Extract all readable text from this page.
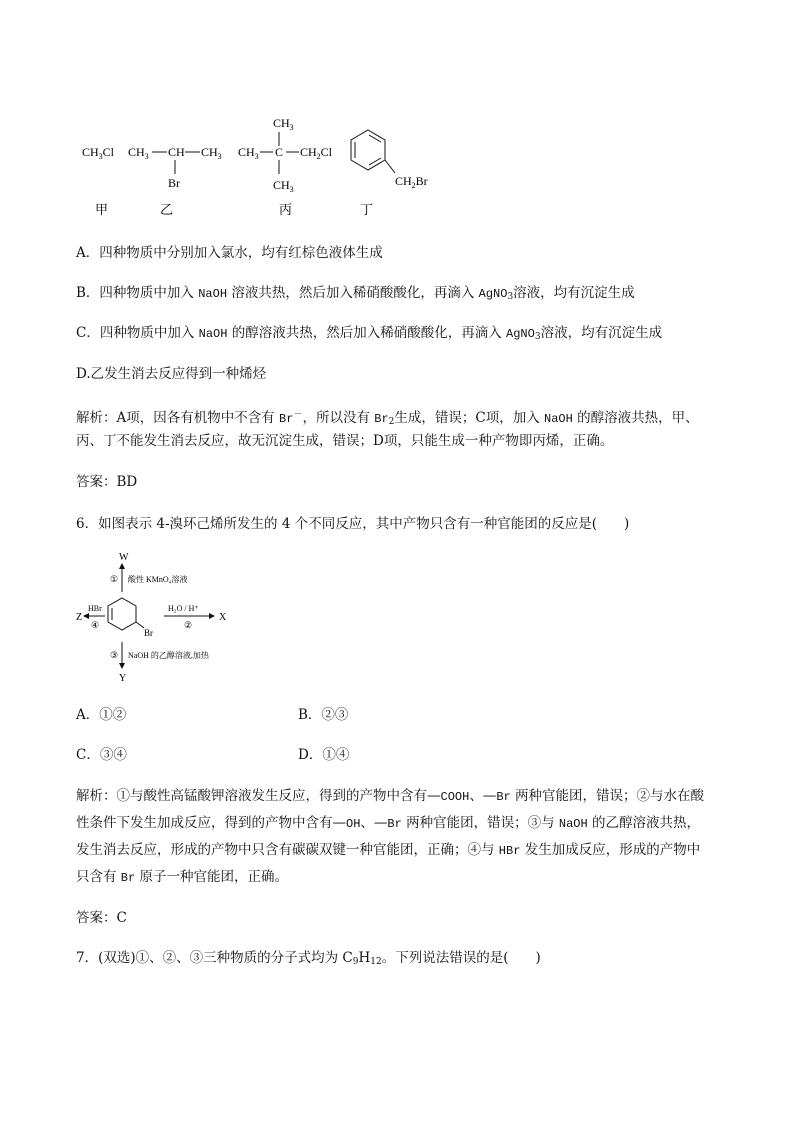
$CH_3Cl$ $CH_3$ CH $CH_3$
Br
$CH_3$
$CH_3$ C $CH_2Cl$
$CH_3$
$CH_2Br$
甲	乙	丙	丁
A．四种物质中分别加入氯水，均有红棕色液体生成
B．四种物质中加入 NaOH 溶液共热，然后加入稀硝酸酸化，再滴入 AgNO$_3$溶液，均有沉淀生成
C．四种物质中加入 NaOH 的醇溶液共热，然后加入稀硝酸酸化，再滴入 AgNO$_3$溶液，均有沉淀生成
D.乙发生消去反应得到一种烯烃
解析：A项，因各有机物中不含有 Br－，所以没有 $Br_2$生成，错误；C项，加入 NaOH 的醇溶液共热，甲、
丙、丁不能发生消去反应，故无沉淀生成，错误；D项，只能生成一种产物即丙烯，正确。
答案：BD
6．如图表示 4-溴环己烯所发生的 4 个不同反应，其中产物只含有一种官能团的反应是(　　)
W
① 酸性 KMnO₄溶液
Br
Z
HBr
④
H₂O / H⁺
②
X
③ NaOH 的乙醇溶液,加热
Y
A．①②	B．②③
C．③④	D．①④
解析：①与酸性高锰酸钾溶液发生反应，得到的产物中含有—COOH、—Br 两种官能团，错误；②与水在酸
性条件下发生加成反应，得到的产物中含有—OH、—Br 两种官能团，错误；③与 NaOH 的乙醇溶液共热，
发生消去反应，形成的产物中只含有碳碳双键一种官能团，正确；④与 HBr 发生加成反应，形成的产物中
只含有 Br 原子一种官能团，正确。
答案：C
7．(双选)①、②、③三种物质的分子式均为 $C_9H_{12}$。下列说法错误的是(　　)
